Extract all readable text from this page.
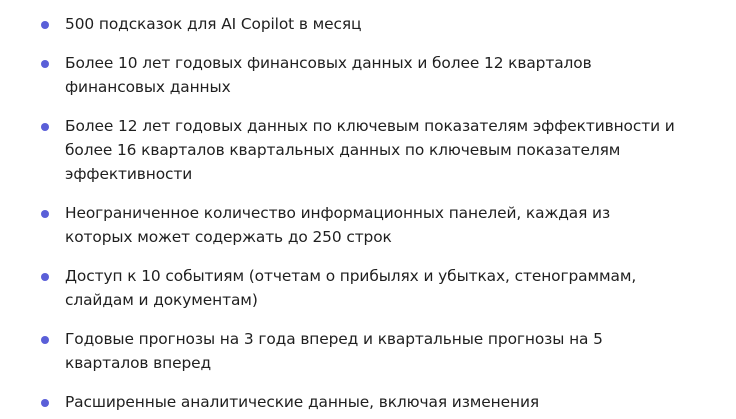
500 подсказок для AI Copilot в месяц
Более 10 лет годовых финансовых данных и более 12 кварталов финансовых данных
Более 12 лет годовых данных по ключевым показателям эффективности и более 16 кварталов квартальных данных по ключевым показателям эффективности
Неограниченное количество информационных панелей, каждая из которых может содержать до 250 строк
Доступ к 10 событиям (отчетам о прибылях и убытках, стенограммам, слайдам и документам)
Годовые прогнозы на 3 года вперед и квартальные прогнозы на 5 кварталов вперед
Расширенные аналитические данные, включая изменения
